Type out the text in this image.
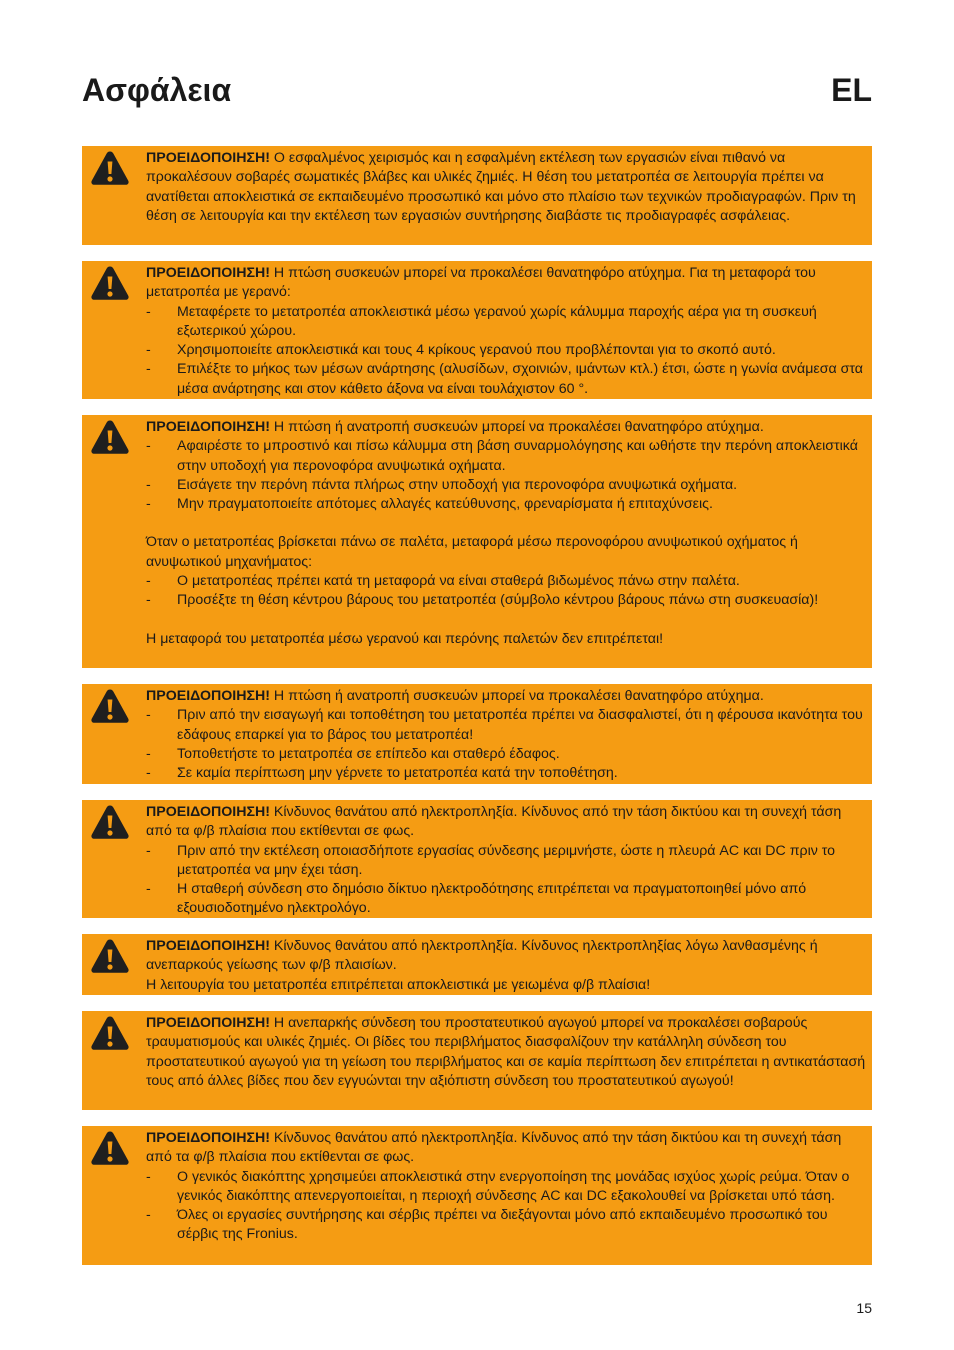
Ασφάλεια	EL

ΠΡΟΕΙΔΟΠΟΙΗΣΗ! Ο εσφαλμένος χειρισμός και η εσφαλμένη εκτέλεση των εργασιών είναι πιθανό να προκαλέσουν σοβαρές σωματικές βλάβες και υλικές ζημιές. Η θέση του μετατροπέα σε λειτουργία πρέπει να ανατίθεται αποκλειστικά σε εκπαιδευμένο προσωπικό και μόνο στο πλαίσιο των τεχνικών προδιαγραφών. Πριν τη θέση σε λειτουργία και την εκτέλεση των εργασιών συντήρησης διαβάστε τις προδιαγραφές ασφάλειας.

ΠΡΟΕΙΔΟΠΟΙΗΣΗ! Η πτώση συσκευών μπορεί να προκαλέσει θανατηφόρο ατύχημα. Για τη μεταφορά του μετατροπέα με γερανό:

- Μεταφέρετε το μετατροπέα αποκλειστικά μέσω γερανού χωρίς κάλυμμα παροχής αέρα για τη συσκευή εξωτερικού χώρου.
- Χρησιμοποιείτε αποκλειστικά και τους 4 κρίκους γερανού που προβλέπονται για το σκοπό αυτό.
- Επιλέξτε το μήκος των μέσων ανάρτησης (αλυσίδων, σχοινιών, ιμάντων κτλ.) έτσι, ώστε η γωνία ανάμεσα στα μέσα ανάρτησης και στον κάθετο άξονα να είναι τουλάχιστον 60 °.

ΠΡΟΕΙΔΟΠΟΙΗΣΗ! Η πτώση ή ανατροπή συσκευών μπορεί να προκαλέσει θανατηφόρο ατύχημα.

- Αφαιρέστε το μπροστινό και πίσω κάλυμμα στη βάση συναρμολόγησης και ωθήστε την περόνη αποκλειστικά στην υποδοχή για περονοφόρα ανυψωτικά οχήματα.
- Εισάγετε την περόνη πάντα πλήρως στην υποδοχή για περονοφόρα ανυψωτικά οχήματα.
- Μην πραγματοποιείτε απότομες αλλαγές κατεύθυνσης, φρεναρίσματα ή επιταχύνσεις.

Όταν ο μετατροπέας βρίσκεται πάνω σε παλέτα, μεταφορά μέσω περονοφόρου ανυψωτικού οχήματος ή ανυψωτικού μηχανήματος:

- Ο μετατροπέας πρέπει κατά τη μεταφορά να είναι σταθερά βιδωμένος πάνω στην παλέτα.
- Προσέξτε τη θέση κέντρου βάρους του μετατροπέα (σύμβολο κέντρου βάρους πάνω στη συσκευασία)!

Η μεταφορά του μετατροπέα μέσω γερανού και περόνης παλετών δεν επιτρέπεται!

ΠΡΟΕΙΔΟΠΟΙΗΣΗ! Η πτώση ή ανατροπή συσκευών μπορεί να προκαλέσει θανατηφόρο ατύχημα.

- Πριν από την εισαγωγή και τοποθέτηση του μετατροπέα πρέπει να διασφαλιστεί, ότι η φέρουσα ικανότητα του εδάφους επαρκεί για το βάρος του μετατροπέα!
- Τοποθετήστε το μετατροπέα σε επίπεδο και σταθερό έδαφος.
- Σε καμία περίπτωση μην γέρνετε το μετατροπέα κατά την τοποθέτηση.

ΠΡΟΕΙΔΟΠΟΙΗΣΗ! Κίνδυνος θανάτου από ηλεκτροπληξία. Κίνδυνος από την τάση δικτύου και τη συνεχή τάση από τα φ/β πλαίσια που εκτίθενται σε φως.

- Πριν από την εκτέλεση οποιασδήποτε εργασίας σύνδεσης μεριμνήστε, ώστε η πλευρά AC και DC πριν το μετατροπέα να μην έχει τάση.
- Η σταθερή σύνδεση στο δημόσιο δίκτυο ηλεκτροδότησης επιτρέπεται να πραγματοποιηθεί μόνο από εξουσιοδοτημένο ηλεκτρολόγο.

ΠΡΟΕΙΔΟΠΟΙΗΣΗ! Κίνδυνος θανάτου από ηλεκτροπληξία. Κίνδυνος ηλεκτροπληξίας λόγω λανθασμένης ή ανεπαρκούς γείωσης των φ/β πλαισίων.

Η λειτουργία του μετατροπέα επιτρέπεται αποκλειστικά με γειωμένα φ/β πλαίσια!

ΠΡΟΕΙΔΟΠΟΙΗΣΗ! Η ανεπαρκής σύνδεση του προστατευτικού αγωγού μπορεί να προκαλέσει σοβαρούς τραυματισμούς και υλικές ζημιές. Οι βίδες του περιβλήματος διασφαλίζουν την κατάλληλη σύνδεση του προστατευτικού αγωγού για τη γείωση του περιβλήματος και σε καμία περίπτωση δεν επιτρέπεται η αντικατάστασή τους από άλλες βίδες που δεν εγγυώνται την αξιόπιστη σύνδεση του προστατευτικού αγωγού!

ΠΡΟΕΙΔΟΠΟΙΗΣΗ! Κίνδυνος θανάτου από ηλεκτροπληξία. Κίνδυνος από την τάση δικτύου και τη συνεχή τάση από τα φ/β πλαίσια που εκτίθενται σε φως.

- Ο γενικός διακόπτης χρησιμεύει αποκλειστικά στην ενεργοποίηση της μονάδας ισχύος χωρίς ρεύμα. Όταν ο γενικός διακόπτης απενεργοποιείται, η περιοχή σύνδεσης AC και DC εξακολουθεί να βρίσκεται υπό τάση.
- Όλες οι εργασίες συντήρησης και σέρβις πρέπει να διεξάγονται μόνο από εκπαιδευμένο προσωπικό του σέρβις της Fronius.
15
